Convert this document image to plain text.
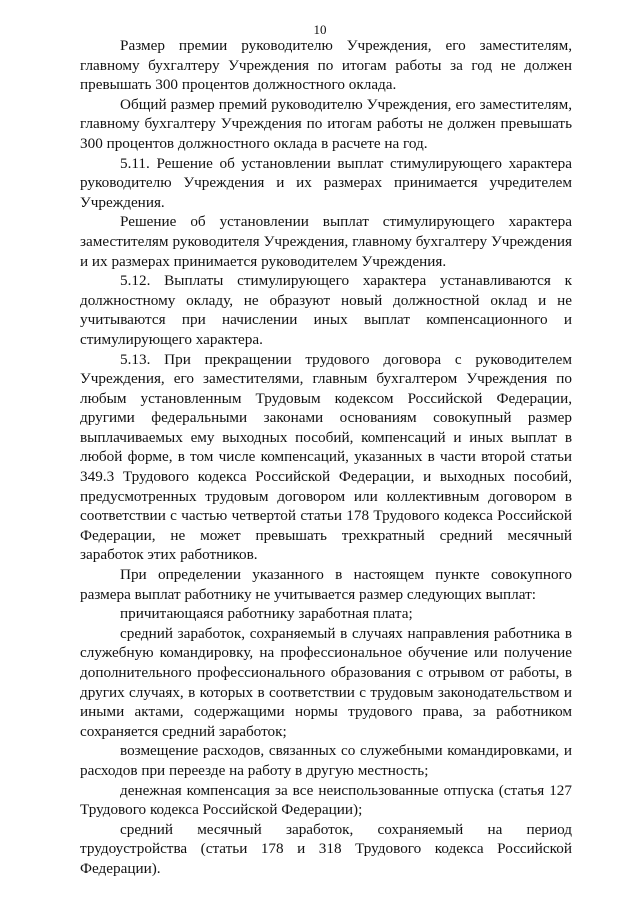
10

Размер премии руководителю Учреждения, его заместителям, главному бухгалтеру Учреждения по итогам работы за год не должен превышать 300 процентов должностного оклада.

Общий размер премий руководителю Учреждения, его заместителям, главному бухгалтеру Учреждения по итогам работы не должен превышать 300 процентов должностного оклада в расчете на год.

5.11. Решение об установлении выплат стимулирующего характера руководителю Учреждения и их размерах принимается учредителем Учреждения.

Решение об установлении выплат стимулирующего характера заместителям руководителя Учреждения, главному бухгалтеру Учреждения и их размерах принимается руководителем Учреждения.

5.12. Выплаты стимулирующего характера устанавливаются к должностному окладу, не образуют новый должностной оклад и не учитываются при начислении иных выплат компенсационного и стимулирующего характера.

5.13. При прекращении трудового договора с руководителем Учреждения, его заместителями, главным бухгалтером Учреждения по любым установленным Трудовым кодексом Российской Федерации, другими федеральными законами основаниям совокупный размер выплачиваемых ему выходных пособий, компенсаций и иных выплат в любой форме, в том числе компенсаций, указанных в части второй статьи 349.3 Трудового кодекса Российской Федерации, и выходных пособий, предусмотренных трудовым договором или коллективным договором в соответствии с частью четвертой статьи 178 Трудового кодекса Российской Федерации, не может превышать трехкратный средний месячный заработок этих работников.

При определении указанного в настоящем пункте совокупного размера выплат работнику не учитывается размер следующих выплат:

причитающаяся работнику заработная плата;

средний заработок, сохраняемый в случаях направления работника в служебную командировку, на профессиональное обучение или получение дополнительного профессионального образования с отрывом от работы, в других случаях, в которых в соответствии с трудовым законодательством и иными актами, содержащими нормы трудового права, за работником сохраняется средний заработок;

возмещение расходов, связанных со служебными командировками, и расходов при переезде на работу в другую местность;

денежная компенсация за все неиспользованные отпуска (статья 127 Трудового кодекса Российской Федерации);

средний месячный заработок, сохраняемый на период трудоустройства (статьи 178 и 318 Трудового кодекса Российской Федерации).
